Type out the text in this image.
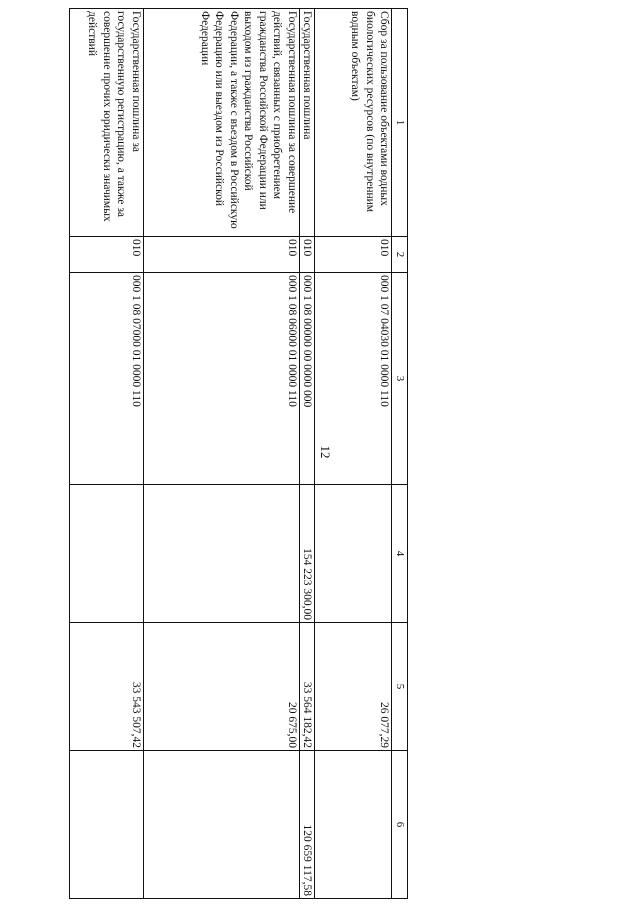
12
1	2	3	4	5	6
Сбор за пользование объектами водных биологических ресурсов (по внутренним водным объектам)	010	000 1 07 04030 01 0000 110		26 077,29	
Государственная пошлина	010	000 1 08 00000 00 0000 000	154 223 300,00	33 564 182,42	120 659 117,58
Государственная пошлина за совершение действий, связанных с приобретением гражданства Российской Федерации или выходом из гражданства Российской Федерации, а также с въездом в Российскую Федерацию или выездом из Российской Федерации	010	000 1 08 06000 01 0000 110		20 675,00	
Государственная пошлина за государственную регистрацию, а также за совершение прочих юридически значимых действий	010	000 1 08 07000 01 0000 110		33 543 507,42	
